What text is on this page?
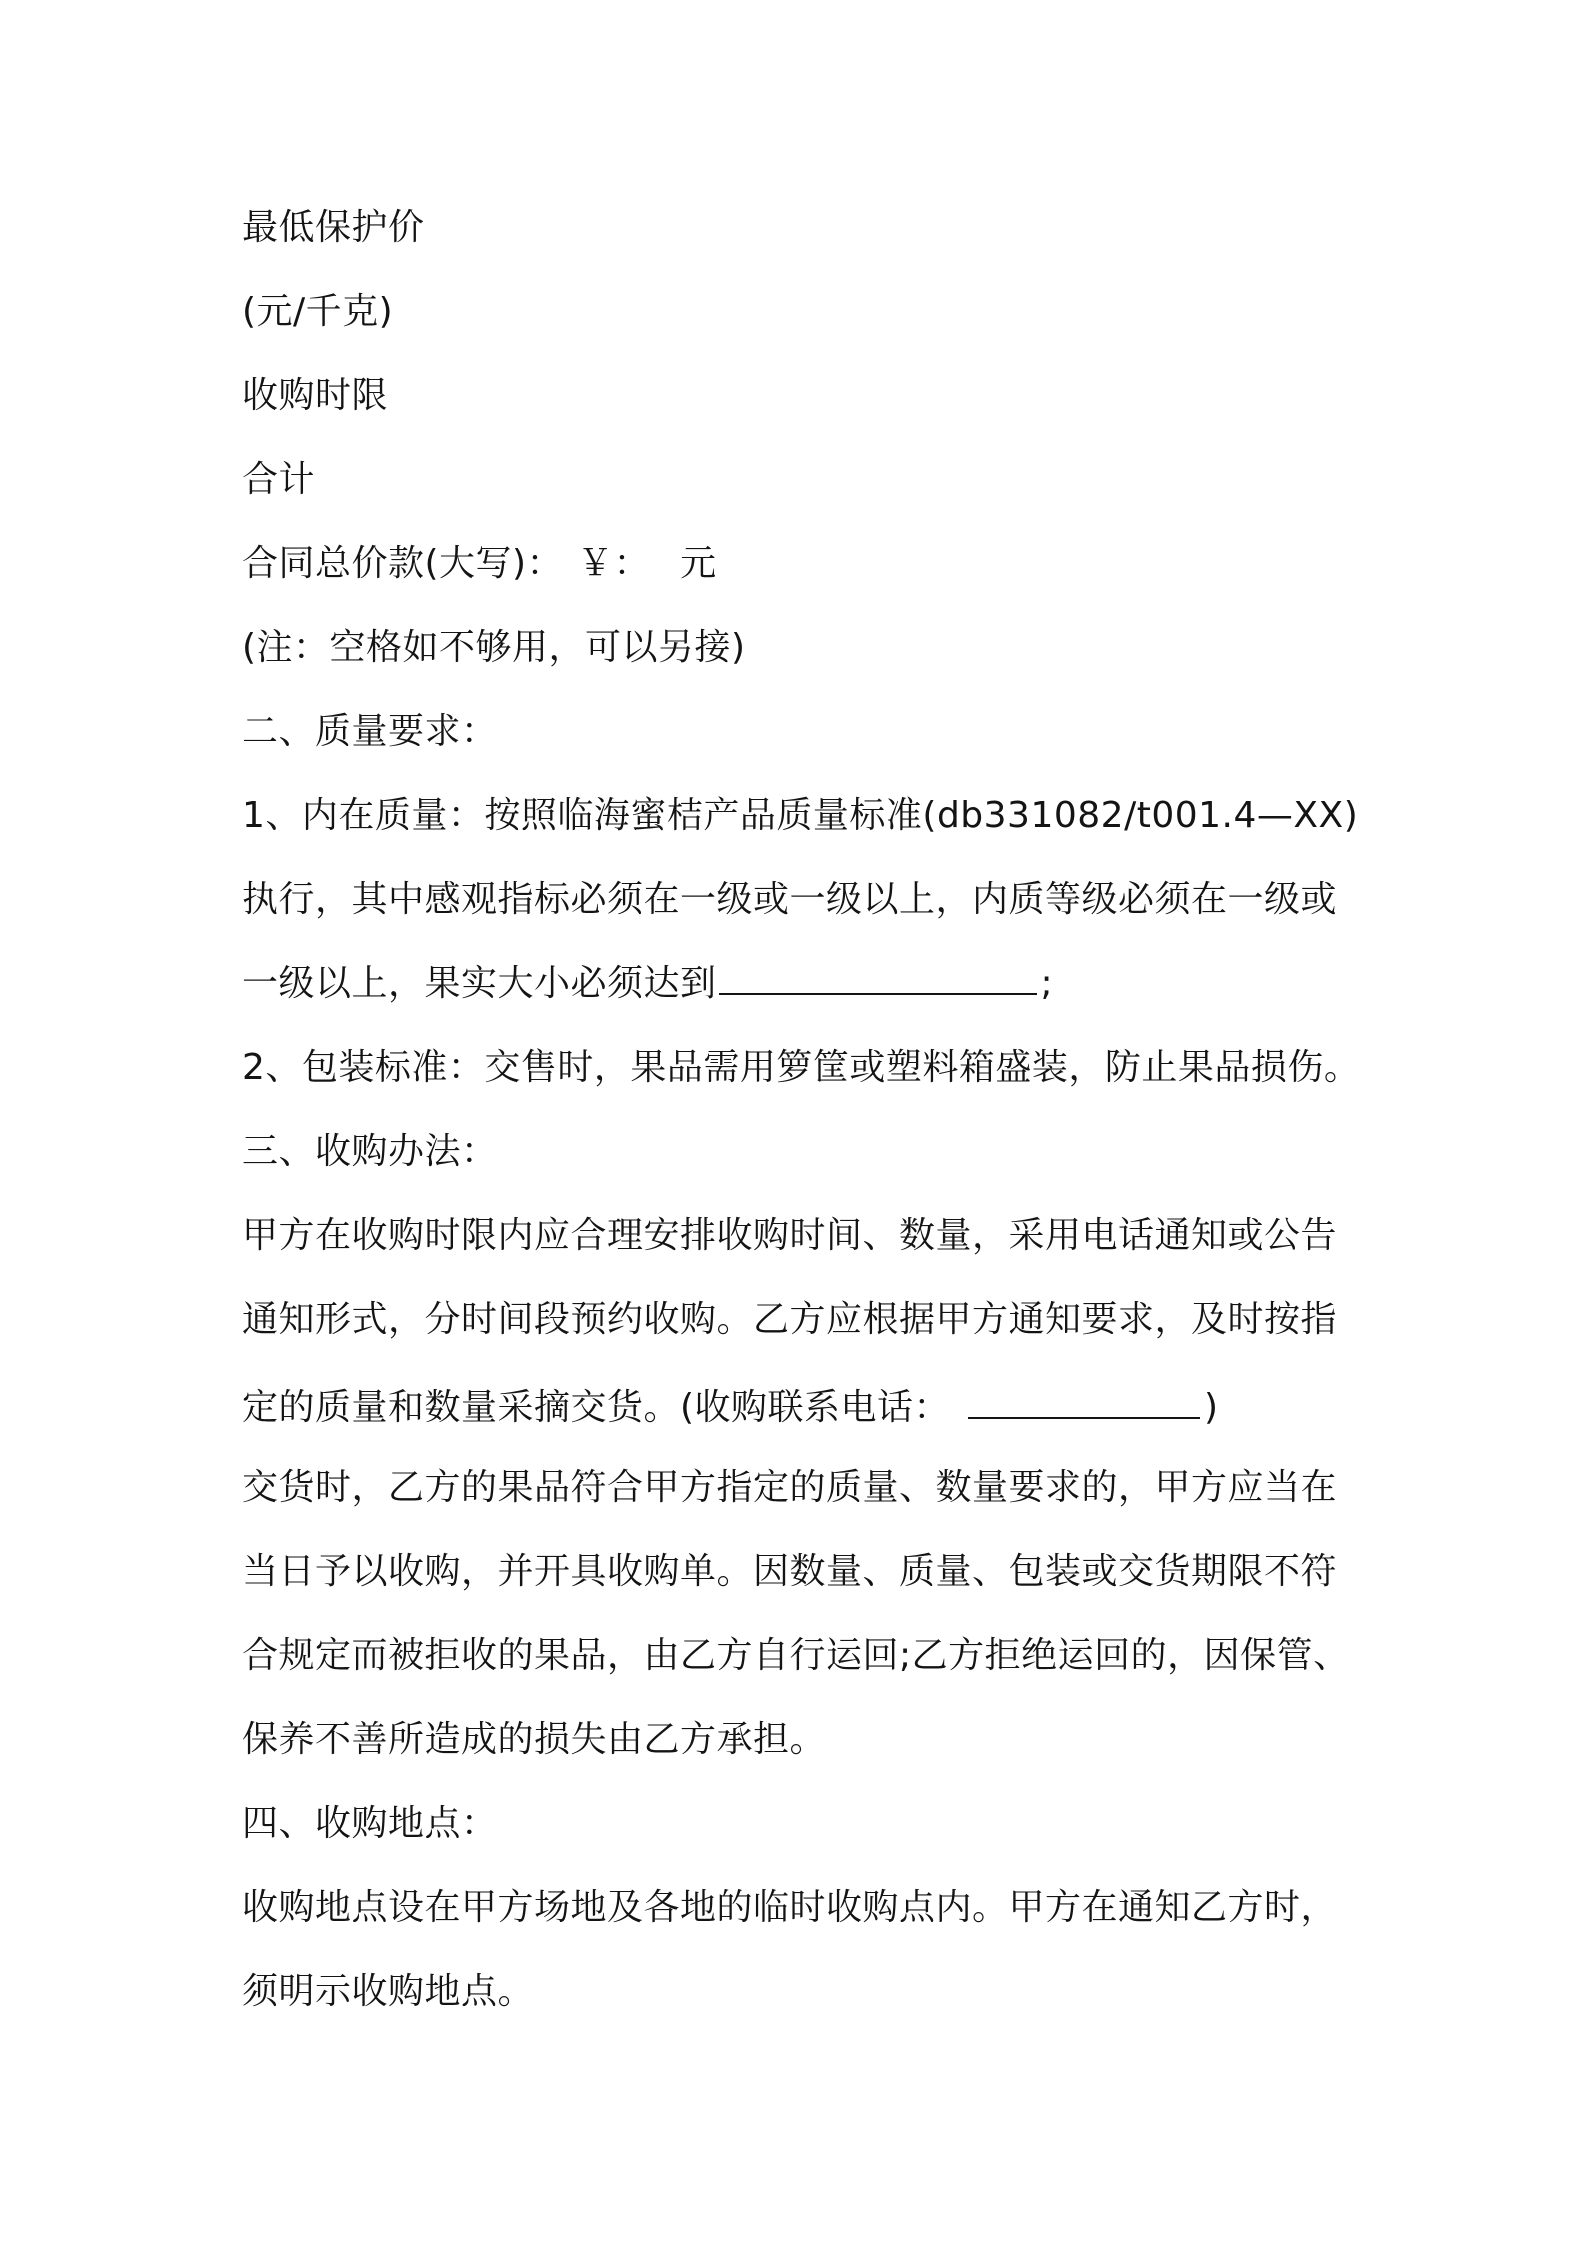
最低保护价
(元/千克)
收购时限
合计
合同总价款(大写)： ￥： 元
(注：空格如不够用，可以另接)
二、质量要求：
1、内在质量：按照临海蜜桔产品质量标准(db331082/t001.4—XX)
执行，其中感观指标必须在一级或一级以上，内质等级必须在一级或
一级以上，果实大小必须达到	;
2、包装标准：交售时，果品需用箩筐或塑料箱盛装，防止果品损伤。
三、收购办法：
甲方在收购时限内应合理安排收购时间、数量，采用电话通知或公告
通知形式，分时间段预约收购。乙方应根据甲方通知要求，及时按指
定的质量和数量采摘交货。(收购联系电话：	)
交货时，乙方的果品符合甲方指定的质量、数量要求的，甲方应当在
当日予以收购，并开具收购单。因数量、质量、包装或交货期限不符
合规定而被拒收的果品，由乙方自行运回;乙方拒绝运回的，因保管、
保养不善所造成的损失由乙方承担。
四、收购地点：
收购地点设在甲方场地及各地的临时收购点内。甲方在通知乙方时，
须明示收购地点。
